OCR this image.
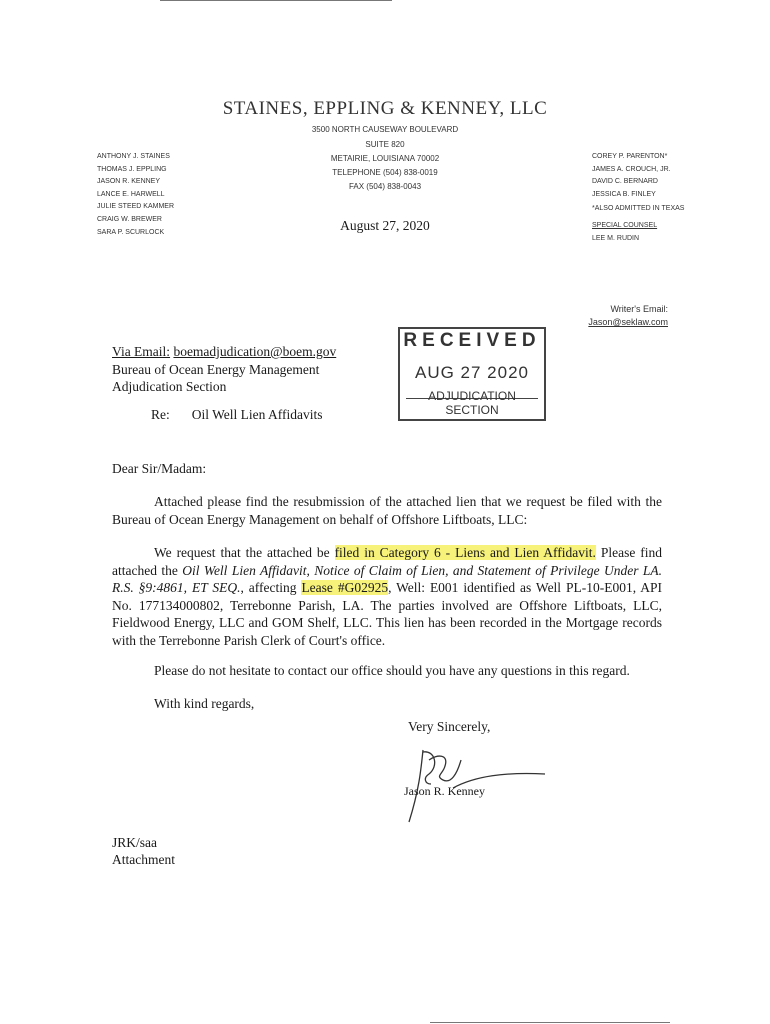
STAINES, EPPLING & KENNEY, LLC
3500 NORTH CAUSEWAY BOULEVARD
SUITE 820
METAIRIE, LOUISIANA 70002
TELEPHONE (504) 838-0019
FAX (504) 838-0043
ANTHONY J. STAINES
THOMAS J. EPPLING
JASON R. KENNEY
LANCE E. HARWELL
JULIE STEED KAMMER
CRAIG W. BREWER
SARA P. SCURLOCK
COREY P. PARENTON*
JAMES A. CROUCH, JR.
DAVID C. BERNARD
JESSICA B. FINLEY
*ALSO ADMITTED IN TEXAS
SPECIAL COUNSEL
LEE M. RUDIN
August 27, 2020
Writer's Email:
Jason@seklaw.com
Via Email: boemadjudication@boem.gov
Bureau of Ocean Energy Management
Adjudication Section
Re: Oil Well Lien Affidavits
RECEIVED
AUG 27 2020
ADJUDICATION SECTION
Dear Sir/Madam:
Attached please find the resubmission of the attached lien that we request be filed with the Bureau of Ocean Energy Management on behalf of Offshore Liftboats, LLC:
We request that the attached be filed in Category 6 - Liens and Lien Affidavit. Please find attached the Oil Well Lien Affidavit, Notice of Claim of Lien, and Statement of Privilege Under LA. R.S. §9:4861, ET SEQ., affecting Lease #G02925, Well: E001 identified as Well PL-10-E001, API No. 177134000802, Terrebonne Parish, LA. The parties involved are Offshore Liftboats, LLC, Fieldwood Energy, LLC and GOM Shelf, LLC. This lien has been recorded in the Mortgage records with the Terrebonne Parish Clerk of Court's office.
Please do not hesitate to contact our office should you have any questions in this regard.
With kind regards,
Very Sincerely,
Jason R. Kenney
JRK/saa
Attachment
